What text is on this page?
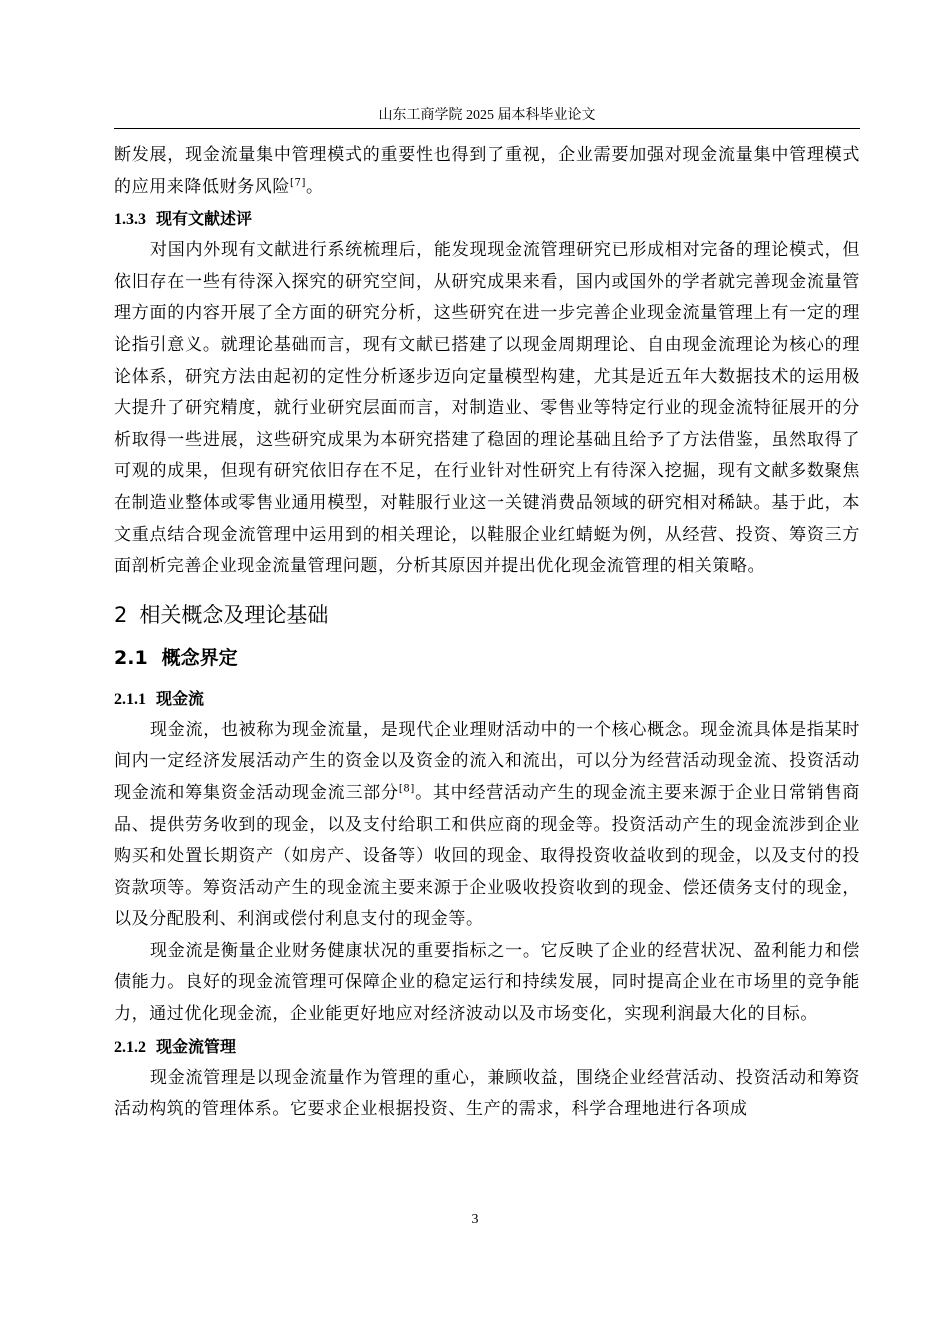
山东工商学院 2025 届本科毕业论文

断发展，现金流量集中管理模式的重要性也得到了重视，企业需要加强对现金流量集中管理模式的应用来降低财务风险[7]。

1.3.3 现有文献述评

对国内外现有文献进行系统梳理后，能发现现金流管理研究已形成相对完备的理论模式，但依旧存在一些有待深入探究的研究空间，从研究成果来看，国内或国外的学者就完善现金流量管理方面的内容开展了全方面的研究分析，这些研究在进一步完善企业现金流量管理上有一定的理论指引意义。就理论基础而言，现有文献已搭建了以现金周期理论、自由现金流理论为核心的理论体系，研究方法由起初的定性分析逐步迈向定量模型构建，尤其是近五年大数据技术的运用极大提升了研究精度，就行业研究层面而言，对制造业、零售业等特定行业的现金流特征展开的分析取得一些进展，这些研究成果为本研究搭建了稳固的理论基础且给予了方法借鉴，虽然取得了可观的成果，但现有研究依旧存在不足，在行业针对性研究上有待深入挖掘，现有文献多数聚焦在制造业整体或零售业通用模型，对鞋服行业这一关键消费品领域的研究相对稀缺。基于此，本文重点结合现金流管理中运用到的相关理论，以鞋服企业红蜻蜓为例，从经营、投资、筹资三方面剖析完善企业现金流量管理问题，分析其原因并提出优化现金流管理的相关策略。

2 相关概念及理论基础
2.1 概念界定
2.1.1 现金流

现金流，也被称为现金流量，是现代企业理财活动中的一个核心概念。现金流具体是指某时间内一定经济发展活动产生的资金以及资金的流入和流出，可以分为经营活动现金流、投资活动现金流和筹集资金活动现金流三部分[8]。其中经营活动产生的现金流主要来源于企业日常销售商品、提供劳务收到的现金，以及支付给职工和供应商的现金等。投资活动产生的现金流涉到企业购买和处置长期资产（如房产、设备等）收回的现金、取得投资收益收到的现金，以及支付的投资款项等。筹资活动产生的现金流主要来源于企业吸收投资收到的现金、偿还债务支付的现金，以及分配股利、利润或偿付利息支付的现金等。

现金流是衡量企业财务健康状况的重要指标之一。它反映了企业的经营状况、盈利能力和偿债能力。良好的现金流管理可保障企业的稳定运行和持续发展，同时提高企业在市场里的竞争能力，通过优化现金流，企业能更好地应对经济波动以及市场变化，实现利润最大化的目标。

2.1.2 现金流管理

现金流管理是以现金流量作为管理的重心，兼顾收益，围绕企业经营活动、投资活动和筹资活动构筑的管理体系。它要求企业根据投资、生产的需求，科学合理地进行各项成

3
